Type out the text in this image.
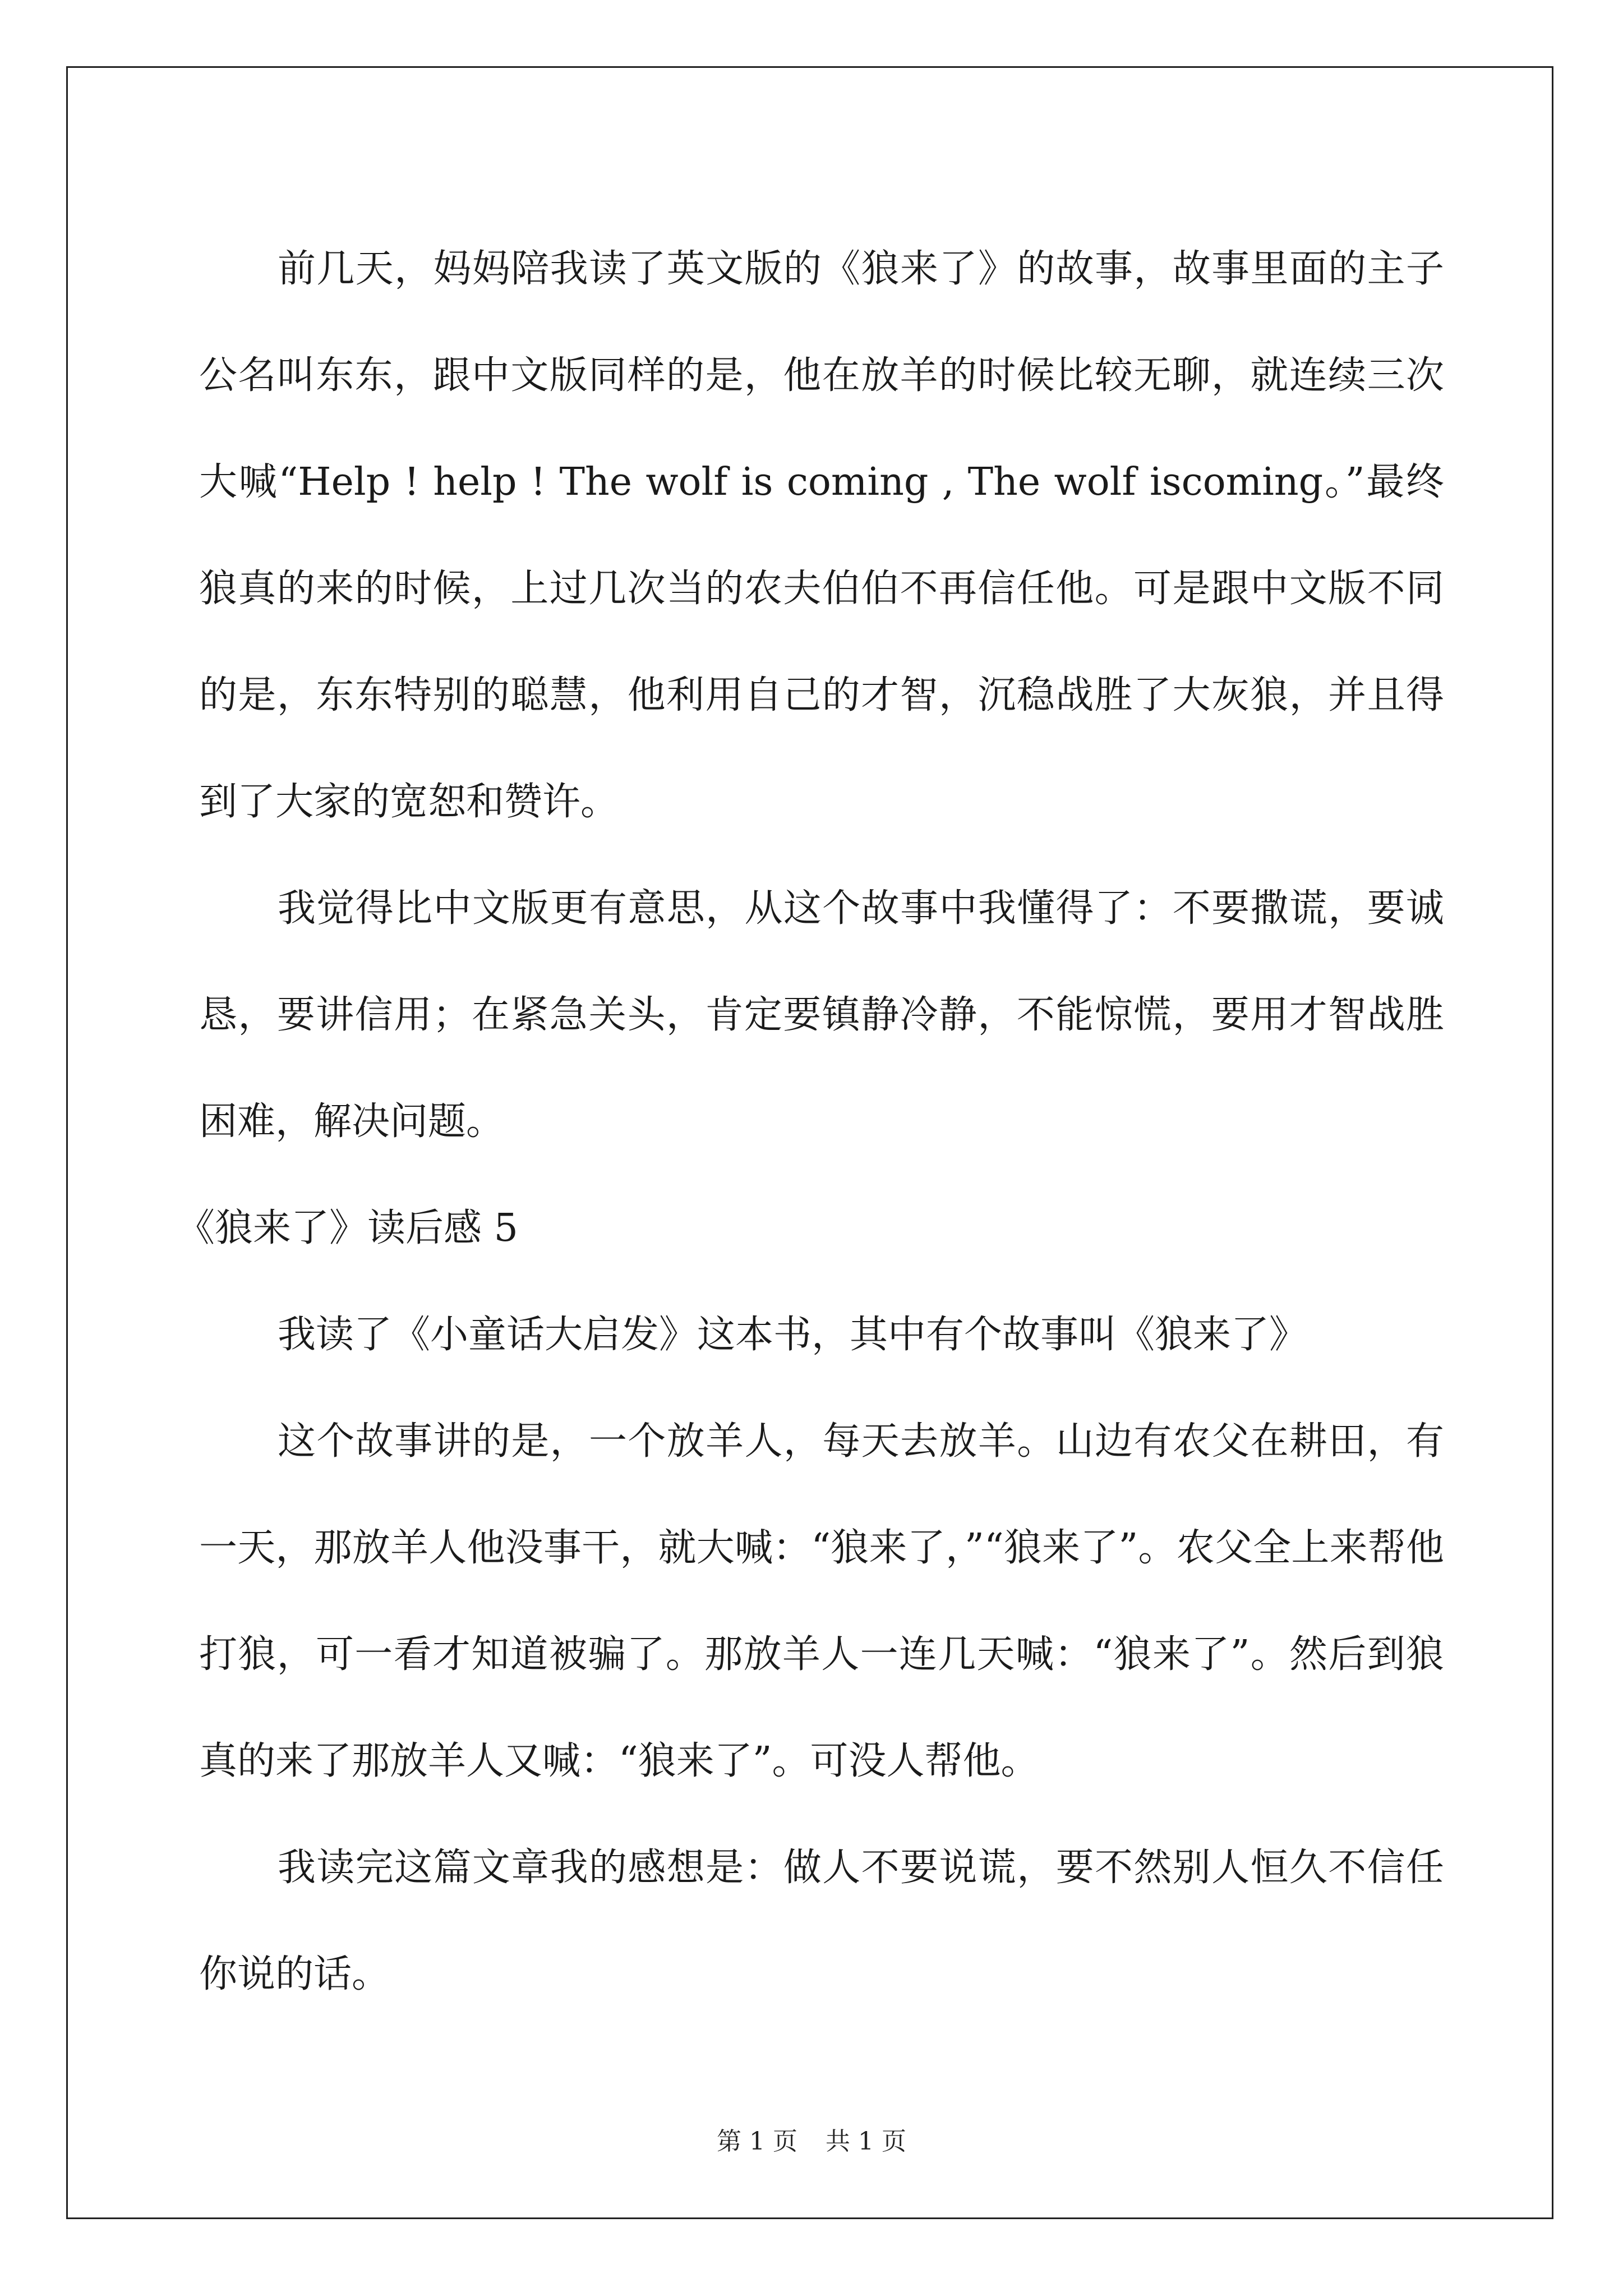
前几天，妈妈陪我读了英文版的《狼来了》的故事，故事里面的主子公名叫东东，跟中文版同样的是，他在放羊的时候比较无聊，就连续三次大喊“Help ! help ! The wolf is coming , The wolf iscoming。”最终狼真的来的时候，上过几次当的农夫伯伯不再信任他。可是跟中文版不同的是，东东特别的聪慧，他利用自己的才智，沉稳战胜了大灰狼，并且得到了大家的宽恕和赞许。

我觉得比中文版更有意思，从这个故事中我懂得了：不要撒谎，要诚恳，要讲信用；在紧急关头，肯定要镇静冷静，不能惊慌，要用才智战胜困难，解决问题。

《狼来了》读后感 5

我读了《小童话大启发》这本书，其中有个故事叫《狼来了》

这个故事讲的是，一个放羊人，每天去放羊。山边有农父在耕田，有一天，那放羊人他没事干，就大喊：“狼来了，”“狼来了”。农父全上来帮他打狼，可一看才知道被骗了。那放羊人一连几天喊：“狼来了”。然后到狼真的来了那放羊人又喊：“狼来了”。可没人帮他。

我读完这篇文章我的感想是：做人不要说谎，要不然别人恒久不信任你说的话。

第 1 页 共 1 页
